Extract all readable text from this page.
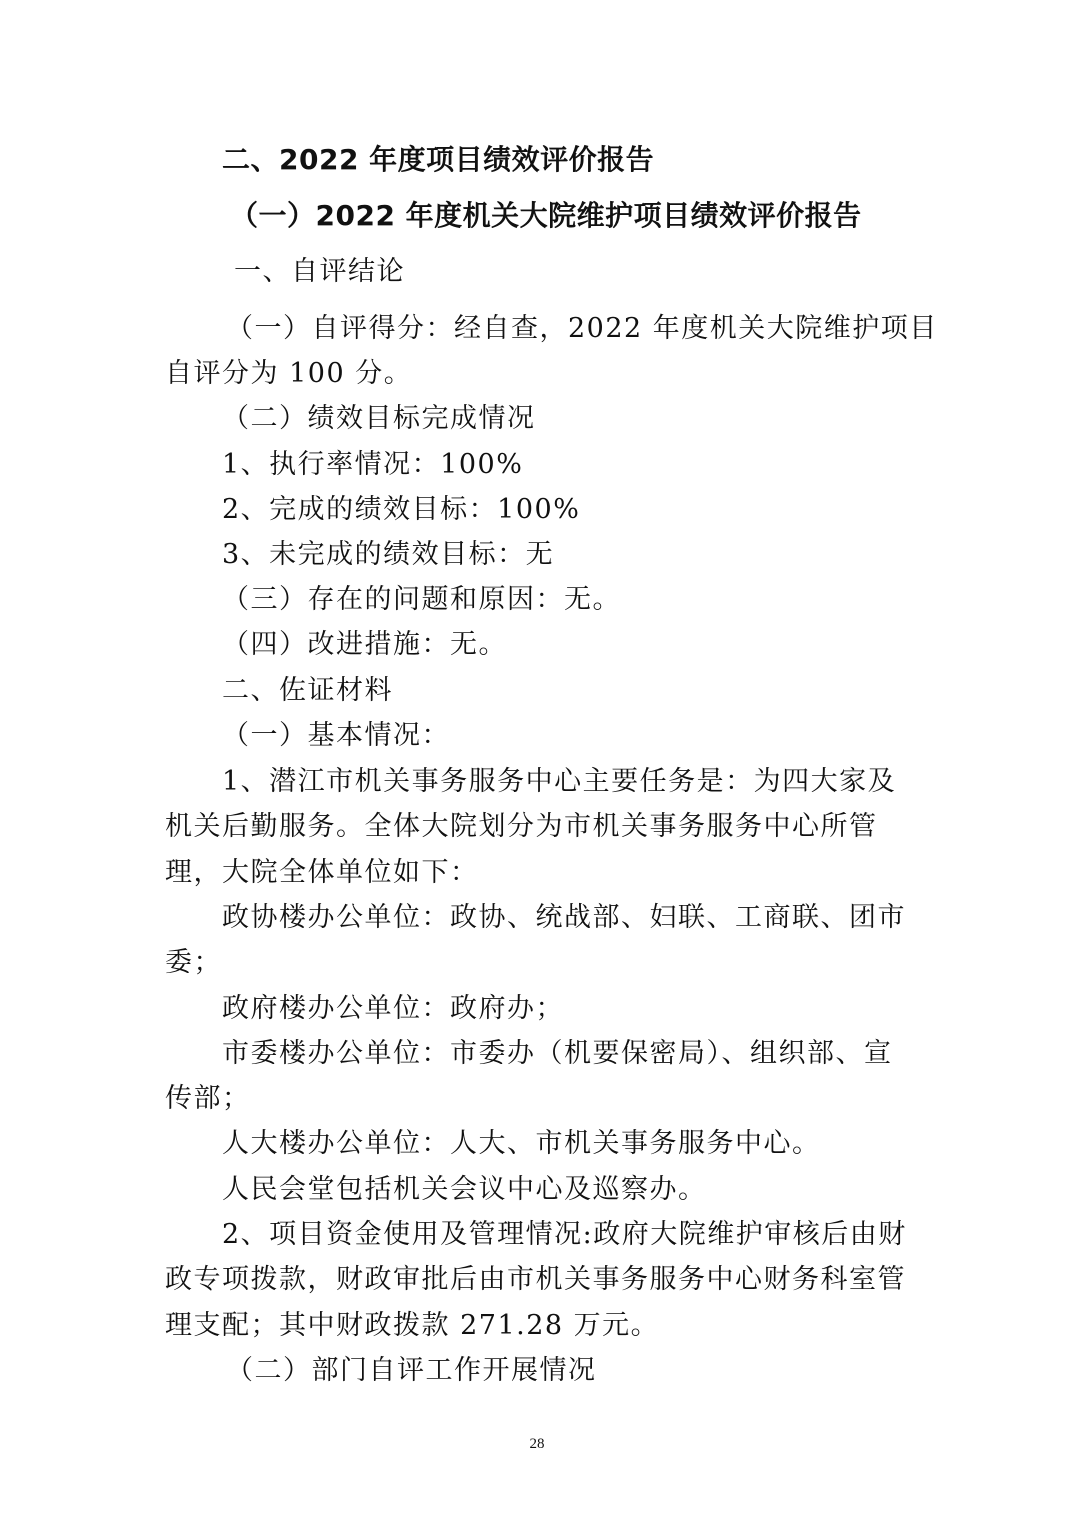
二、2022 年度项目绩效评价报告
（一）2022 年度机关大院维护项目绩效评价报告
一、自评结论
（一）自评得分：经自查，2022 年度机关大院维护项目
自评分为 100 分。
（二）绩效目标完成情况
1、执行率情况：100%
2、完成的绩效目标：100%
3、未完成的绩效目标：无
（三）存在的问题和原因：无。
（四）改进措施：无。
二、佐证材料
（一）基本情况：
1、潜江市机关事务服务中心主要任务是：为四大家及
机关后勤服务。全体大院划分为市机关事务服务中心所管
理，大院全体单位如下：
政协楼办公单位：政协、统战部、妇联、工商联、团市
委；
政府楼办公单位：政府办；
市委楼办公单位：市委办（机要保密局）、组织部、宣
传部；
人大楼办公单位：人大、市机关事务服务中心。
人民会堂包括机关会议中心及巡察办。
2、项目资金使用及管理情况:政府大院维护审核后由财
政专项拨款，财政审批后由市机关事务服务中心财务科室管
理支配；其中财政拨款 271.28 万元。
（二）部门自评工作开展情况
28
